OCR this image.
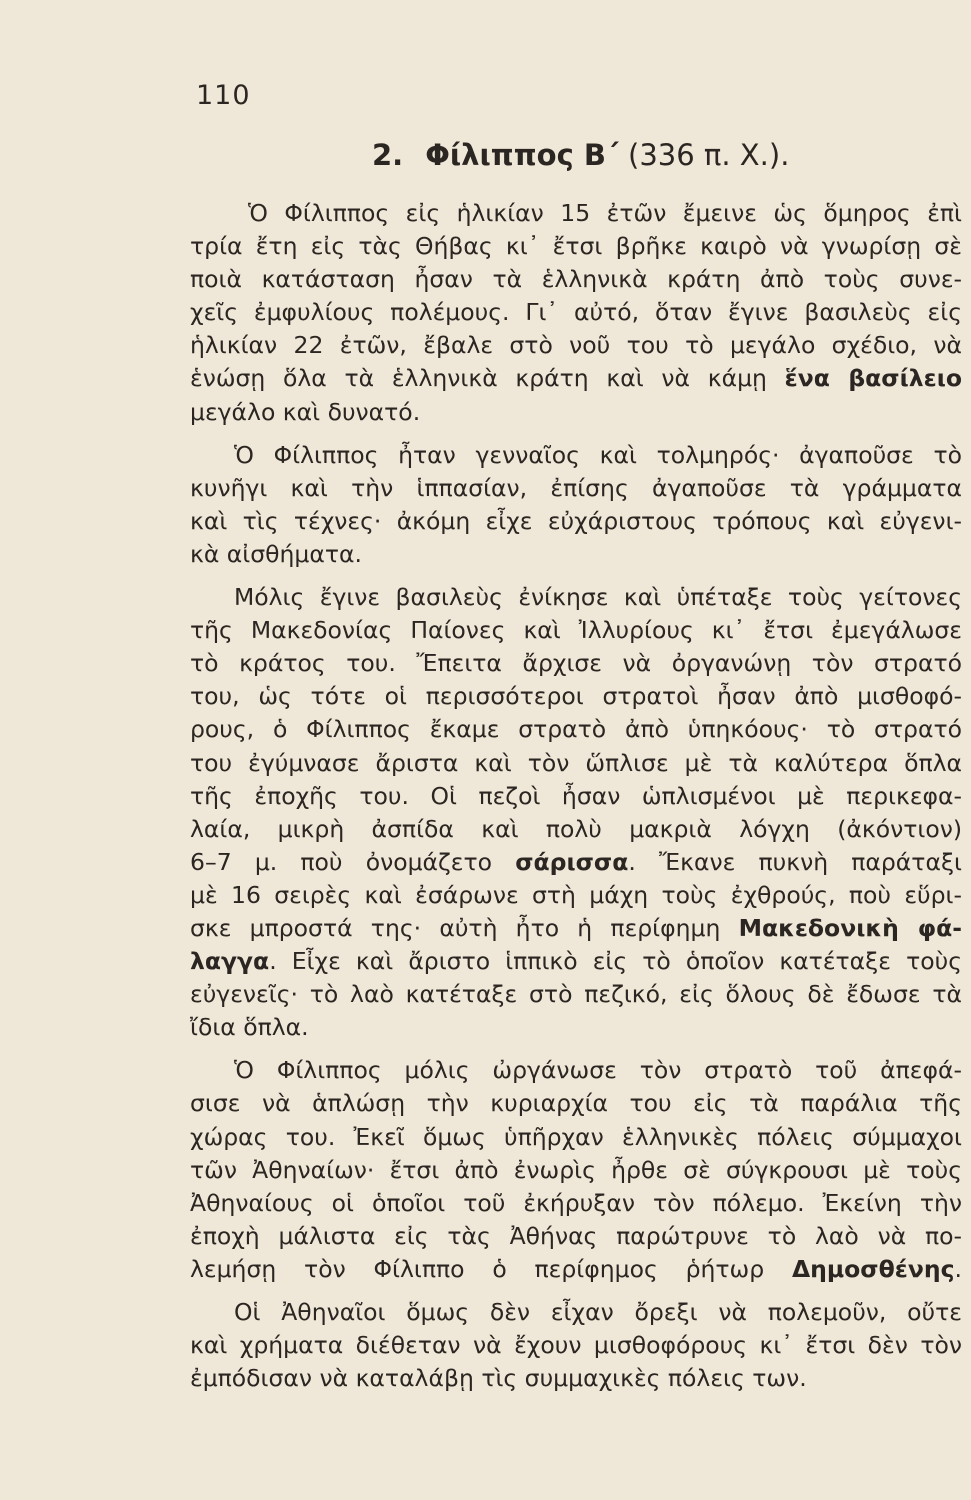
110
2. Φίλιππος Β΄ (336 π. Χ.).
Ὁ Φίλιππος εἰς ἡλικίαν 15 ἐτῶν ἔμεινε ὡς ὅμηρος ἐπὶ
τρία ἔτη εἰς τὰς Θήβας κι᾽ ἔτσι βρῆκε καιρὸ νὰ γνωρίσῃ σὲ
ποιὰ κατάσταση ἦσαν τὰ ἑλληνικὰ κράτη ἀπὸ τοὺς συνε-
χεῖς ἐμφυλίους πολέμους. Γι᾽ αὐτό, ὅταν ἔγινε βασιλεὺς εἰς
ἡλικίαν 22 ἐτῶν, ἔβαλε στὸ νοῦ του τὸ μεγάλο σχέδιο, νὰ
ἑνώσῃ ὅλα τὰ ἑλληνικὰ κράτη καὶ νὰ κάμῃ ἕνα βασίλειο
μεγάλο καὶ δυνατό.
Ὁ Φίλιππος ἦταν γενναῖος καὶ τολμηρός· ἀγαποῦσε τὸ
κυνῆγι καὶ τὴν ἱππασίαν, ἐπίσης ἀγαποῦσε τὰ γράμματα
καὶ τὶς τέχνες· ἀκόμη εἶχε εὐχάριστους τρόπους καὶ εὐγενι-
κὰ αἰσθήματα.
Μόλις ἔγινε βασιλεὺς ἐνίκησε καὶ ὑπέταξε τοὺς γείτονες
τῆς Μακεδονίας Παίονες καὶ Ἰλλυρίους κι᾽ ἔτσι ἐμεγάλωσε
τὸ κράτος του. Ἔπειτα ἄρχισε νὰ ὀργανώνῃ τὸν στρατό
του, ὡς τότε οἱ περισσότεροι στρατοὶ ἦσαν ἀπὸ μισθοφό-
ρους, ὁ Φίλιππος ἔκαμε στρατὸ ἀπὸ ὑπηκόους· τὸ στρατό
του ἐγύμνασε ἄριστα καὶ τὸν ὥπλισε μὲ τὰ καλύτερα ὅπλα
τῆς ἐποχῆς του. Οἱ πεζοὶ ἦσαν ὡπλισμένοι μὲ περικεφα-
λαία, μικρὴ ἀσπίδα καὶ πολὺ μακριὰ λόγχη (ἀκόντιον)
6–7 μ. ποὺ ὀνομάζετο σάρισσα. Ἔκανε πυκνὴ παράταξι
μὲ 16 σειρὲς καὶ ἐσάρωνε στὴ μάχη τοὺς ἐχθρούς, ποὺ εὕρι-
σκε μπροστά της· αὐτὴ ἦτο ἡ περίφημη Μακεδονικὴ φά-
λαγγα. Εἶχε καὶ ἄριστο ἱππικὸ εἰς τὸ ὁποῖον κατέταξε τοὺς
εὐγενεῖς· τὸ λαὸ κατέταξε στὸ πεζικό, εἰς ὅλους δὲ ἔδωσε τὰ
ἴδια ὅπλα.
Ὁ Φίλιππος μόλις ὠργάνωσε τὸν στρατὸ τοῦ ἀπεφά-
σισε νὰ ἁπλώσῃ τὴν κυριαρχία του εἰς τὰ παράλια τῆς
χώρας του. Ἐκεῖ ὅμως ὑπῆρχαν ἑλληνικὲς πόλεις σύμμαχοι
τῶν Ἀθηναίων· ἔτσι ἀπὸ ἐνωρὶς ἦρθε σὲ σύγκρουσι μὲ τοὺς
Ἀθηναίους οἱ ὁποῖοι τοῦ ἐκήρυξαν τὸν πόλεμο. Ἐκείνη τὴν
ἐποχὴ μάλιστα εἰς τὰς Ἀθήνας παρώτρυνε τὸ λαὸ νὰ πο-
λεμήσῃ τὸν Φίλιππο ὁ περίφημος ῥήτωρ Δημοσθένης.
Οἱ Ἀθηναῖοι ὅμως δὲν εἶχαν ὄρεξι νὰ πολεμοῦν, οὔτε
καὶ χρήματα διέθεταν νὰ ἔχουν μισθοφόρους κι᾽ ἔτσι δὲν τὸν
ἐμπόδισαν νὰ καταλάβῃ τὶς συμμαχικὲς πόλεις των.
